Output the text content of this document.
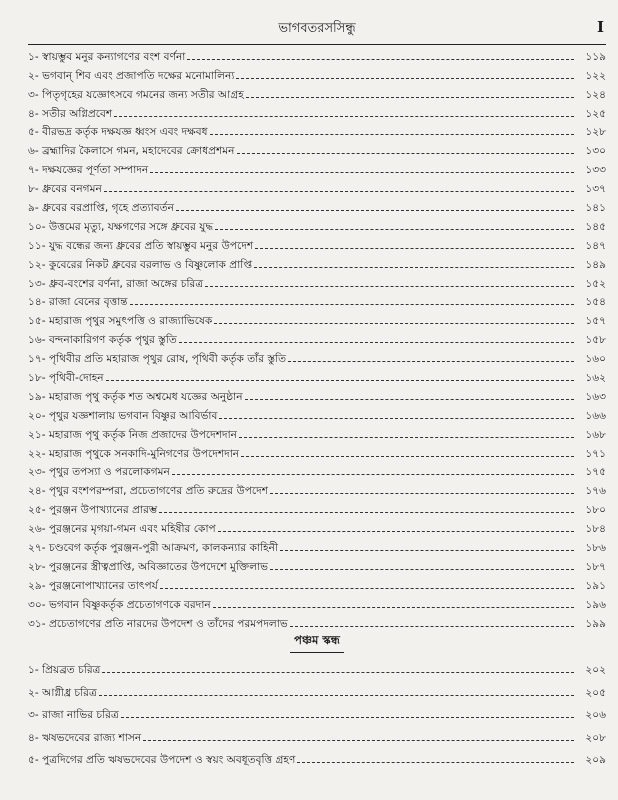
ভাগবতরসসিন্ধু	I
১- স্বায়ম্ভুব মনুর কন্যাগণের বংশ বর্ণনা	১১৯
২- ভগবান্ শিব এবং প্রজাপতি দক্ষের মনোমালিন্য	১২২
৩- পিতৃগৃহের যজ্ঞোৎসবে গমনের জন্য সতীর আগ্রহ	১২৪
৪- সতীর অগ্নিপ্রবেশ	১২৫
৫- বীরভদ্র কর্তৃক দক্ষযজ্ঞ ধ্বংস এবং দক্ষবধ	১২৮
৬- ব্রহ্মাদির কৈলাসে গমন, মহাদেবের ক্রোধপ্রশমন	১৩০
৭- দক্ষযজ্ঞের পূর্ণতা সম্পাদন	১৩৩
৮- ধ্রুবের বনগমন	১৩৭
৯- ধ্রুবের বরপ্রাপ্তি, গৃহে প্রত্যাবর্তন	১৪১
১০- উত্তমের মৃত্যু, যক্ষগণের সঙ্গে ধ্রুবের যুদ্ধ	১৪৫
১১- যুদ্ধ বন্ধের জন্য ধ্রুবের প্রতি স্বায়ম্ভুব মনুর উপদেশ	১৪৭
১২- কুবেরের নিকট ধ্রুবের বরলাভ ও বিষ্ণুলোক প্রাপ্তি	১৪৯
১৩- ধ্রুব-বংশের বর্ণনা, রাজা অঙ্গের চরিত্র	১৫২
১৪- রাজা বেনের বৃত্তান্ত	১৫৪
১৫- মহারাজ পৃথুর সমুৎপত্তি ও রাজ্যাভিষেক	১৫৭
১৬- বন্দনাকারিগণ কর্তৃক পৃথুর স্তুতি	১৫৮
১৭- পৃথিবীর প্রতি মহারাজ পৃথুর রোষ, পৃথিবী কর্তৃক তাঁর স্তুতি	১৬০
১৮- পৃথিবী-দোহন	১৬২
১৯- মহারাজ পৃথু কর্তৃক শত অশ্বমেধ যজ্ঞের অনুষ্ঠান	১৬৩
২০- পৃথুর যজ্ঞশালায় ভগবান বিষ্ণুর আবির্ভাব	১৬৬
২১- মহারাজ পৃথু কর্তৃক নিজ প্রজাদের উপদেশদান	১৬৮
২২- মহারাজ পৃথুকে সনকাদি-মুনিগণের উপদেশদান	১৭১
২৩- পৃথুর তপস্যা ও পরলোকগমন	১৭৫
২৪- পৃথুর বংশপরম্পরা, প্রচেতাগণের প্রতি রুদ্রের উপদেশ	১৭৬
২৫- পুরঞ্জন উপাখ্যানের প্রারম্ভ	১৮০
২৬- পুরঞ্জনের মৃগয়া-গমন এবং মহিষীর কোপ	১৮৪
২৭- চণ্ডবেগ কর্তৃক পুরঞ্জন-পুরী আক্রমণ, কালকন্যার কাহিনী	১৮৬
২৮- পুরঞ্জনের স্ত্রীত্বপ্রাপ্তি, অবিজ্ঞাতের উপদেশে মুক্তিলাভ	১৮৭
২৯- পুরঞ্জনোপাখ্যানের তাৎপর্য	১৯১
৩০- ভগবান বিষ্ণুকর্তৃক প্রচেতাগণকে বরদান	১৯৬
৩১- প্রচেতাগণের প্রতি নারদের উপদেশ ও তাঁদের পরমপদলাভ	১৯৯
পঞ্চম স্কন্ধ
১- প্রিয়ব্রত চরিত্র	২০২
২- আগ্নীধ্র চরিত্র	২০৫
৩- রাজা নাভির চরিত্র	২০৬
৪- ঋষভদেবের রাজ্য শাসন	২০৮
৫- পুত্রদিগের প্রতি ঋষভদেবের উপদেশ ও স্বয়ং অবধূতবৃত্তি গ্রহণ	২০৯
